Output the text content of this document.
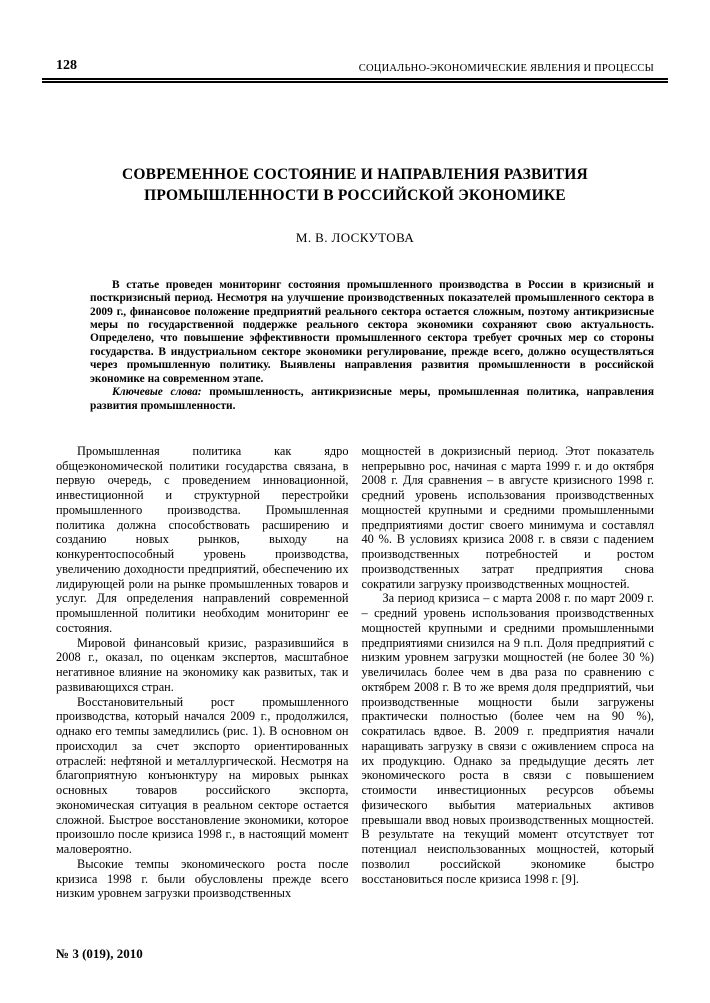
128	СОЦИАЛЬНО-ЭКОНОМИЧЕСКИЕ ЯВЛЕНИЯ И ПРОЦЕССЫ
СОВРЕМЕННОЕ СОСТОЯНИЕ И НАПРАВЛЕНИЯ РАЗВИТИЯ ПРОМЫШЛЕННОСТИ В РОССИЙСКОЙ ЭКОНОМИКЕ
М. В. ЛОСКУТОВА

В статье проведен мониторинг состояния промышленного производства в России в кризисный и посткризисный период. Несмотря на улучшение производственных показателей промышленного сектора в 2009 г., финансовое положение предприятий реального сектора остается сложным, поэтому антикризисные меры по государственной поддержке реального сектора экономики сохраняют свою актуальность. Определено, что повышение эффективности промышленного сектора требует срочных мер со стороны государства. В индустриальном секторе экономики регулирование, прежде всего, должно осуществляться через промышленную политику. Выявлены направления развития промышленности в российской экономике на современном этапе.

Ключевые слова: промышленность, антикризисные меры, промышленная политика, направления развития промышленности.

Промышленная политика как ядро общеэкономической политики государства связана, в первую очередь, с проведением инновационной, инвестиционной и структурной перестройки промышленного производства. Промышленная политика должна способствовать расширению и созданию новых рынков, выходу на конкурентоспособный уровень производства, увеличению доходности предприятий, обеспечению их лидирующей роли на рынке промышленных товаров и услуг. Для определения направлений современной промышленной политики необходим мониторинг ее состояния.

Мировой финансовый кризис, разразившийся в 2008 г., оказал, по оценкам экспертов, масштабное негативное влияние на экономику как развитых, так и развивающихся стран.

Восстановительный рост промышленного производства, который начался 2009 г., продолжился, однако его темпы замедлились (рис. 1). В основном он происходил за счет экспорто ориентированных отраслей: нефтяной и металлургической. Несмотря на благоприятную конъюнктуру на мировых рынках основных товаров российского экспорта, экономическая ситуация в реальном секторе остается сложной. Быстрое восстановление экономики, которое произошло после кризиса 1998 г., в настоящий момент маловероятно.

Высокие темпы экономического роста после кризиса 1998 г. были обусловлены прежде всего низким уровнем загрузки производственных

мощностей в докризисный период. Этот показатель непрерывно рос, начиная с марта 1999 г. и до октября 2008 г. Для сравнения – в августе кризисного 1998 г. средний уровень использования производственных мощностей крупными и средними промышленными предприятиями достиг своего минимума и составлял 40 %. В условиях кризиса 2008 г. в связи с падением производственных потребностей и ростом производственных затрат предприятия снова сократили загрузку производственных мощностей.

За период кризиса – с марта 2008 г. по март 2009 г. – средний уровень использования производственных мощностей крупными и средними промышленными предприятиями снизился на 9 п.п. Доля предприятий с низким уровнем загрузки мощностей (не более 30 %) увеличилась более чем в два раза по сравнению с октябрем 2008 г. В то же время доля предприятий, чьи производственные мощности были загружены практически полностью (более чем на 90 %), сократилась вдвое. В. 2009 г. предприятия начали наращивать загрузку в связи с оживлением спроса на их продукцию. Однако за предыдущие десять лет экономического роста в связи с повышением стоимости инвестиционных ресурсов объемы физического выбытия материальных активов превышали ввод новых производственных мощностей. В результате на текущий момент отсутствует тот потенциал неиспользованных мощностей, который позволил российской экономике быстро восстановиться после кризиса 1998 г. [9].

№ 3 (019), 2010
